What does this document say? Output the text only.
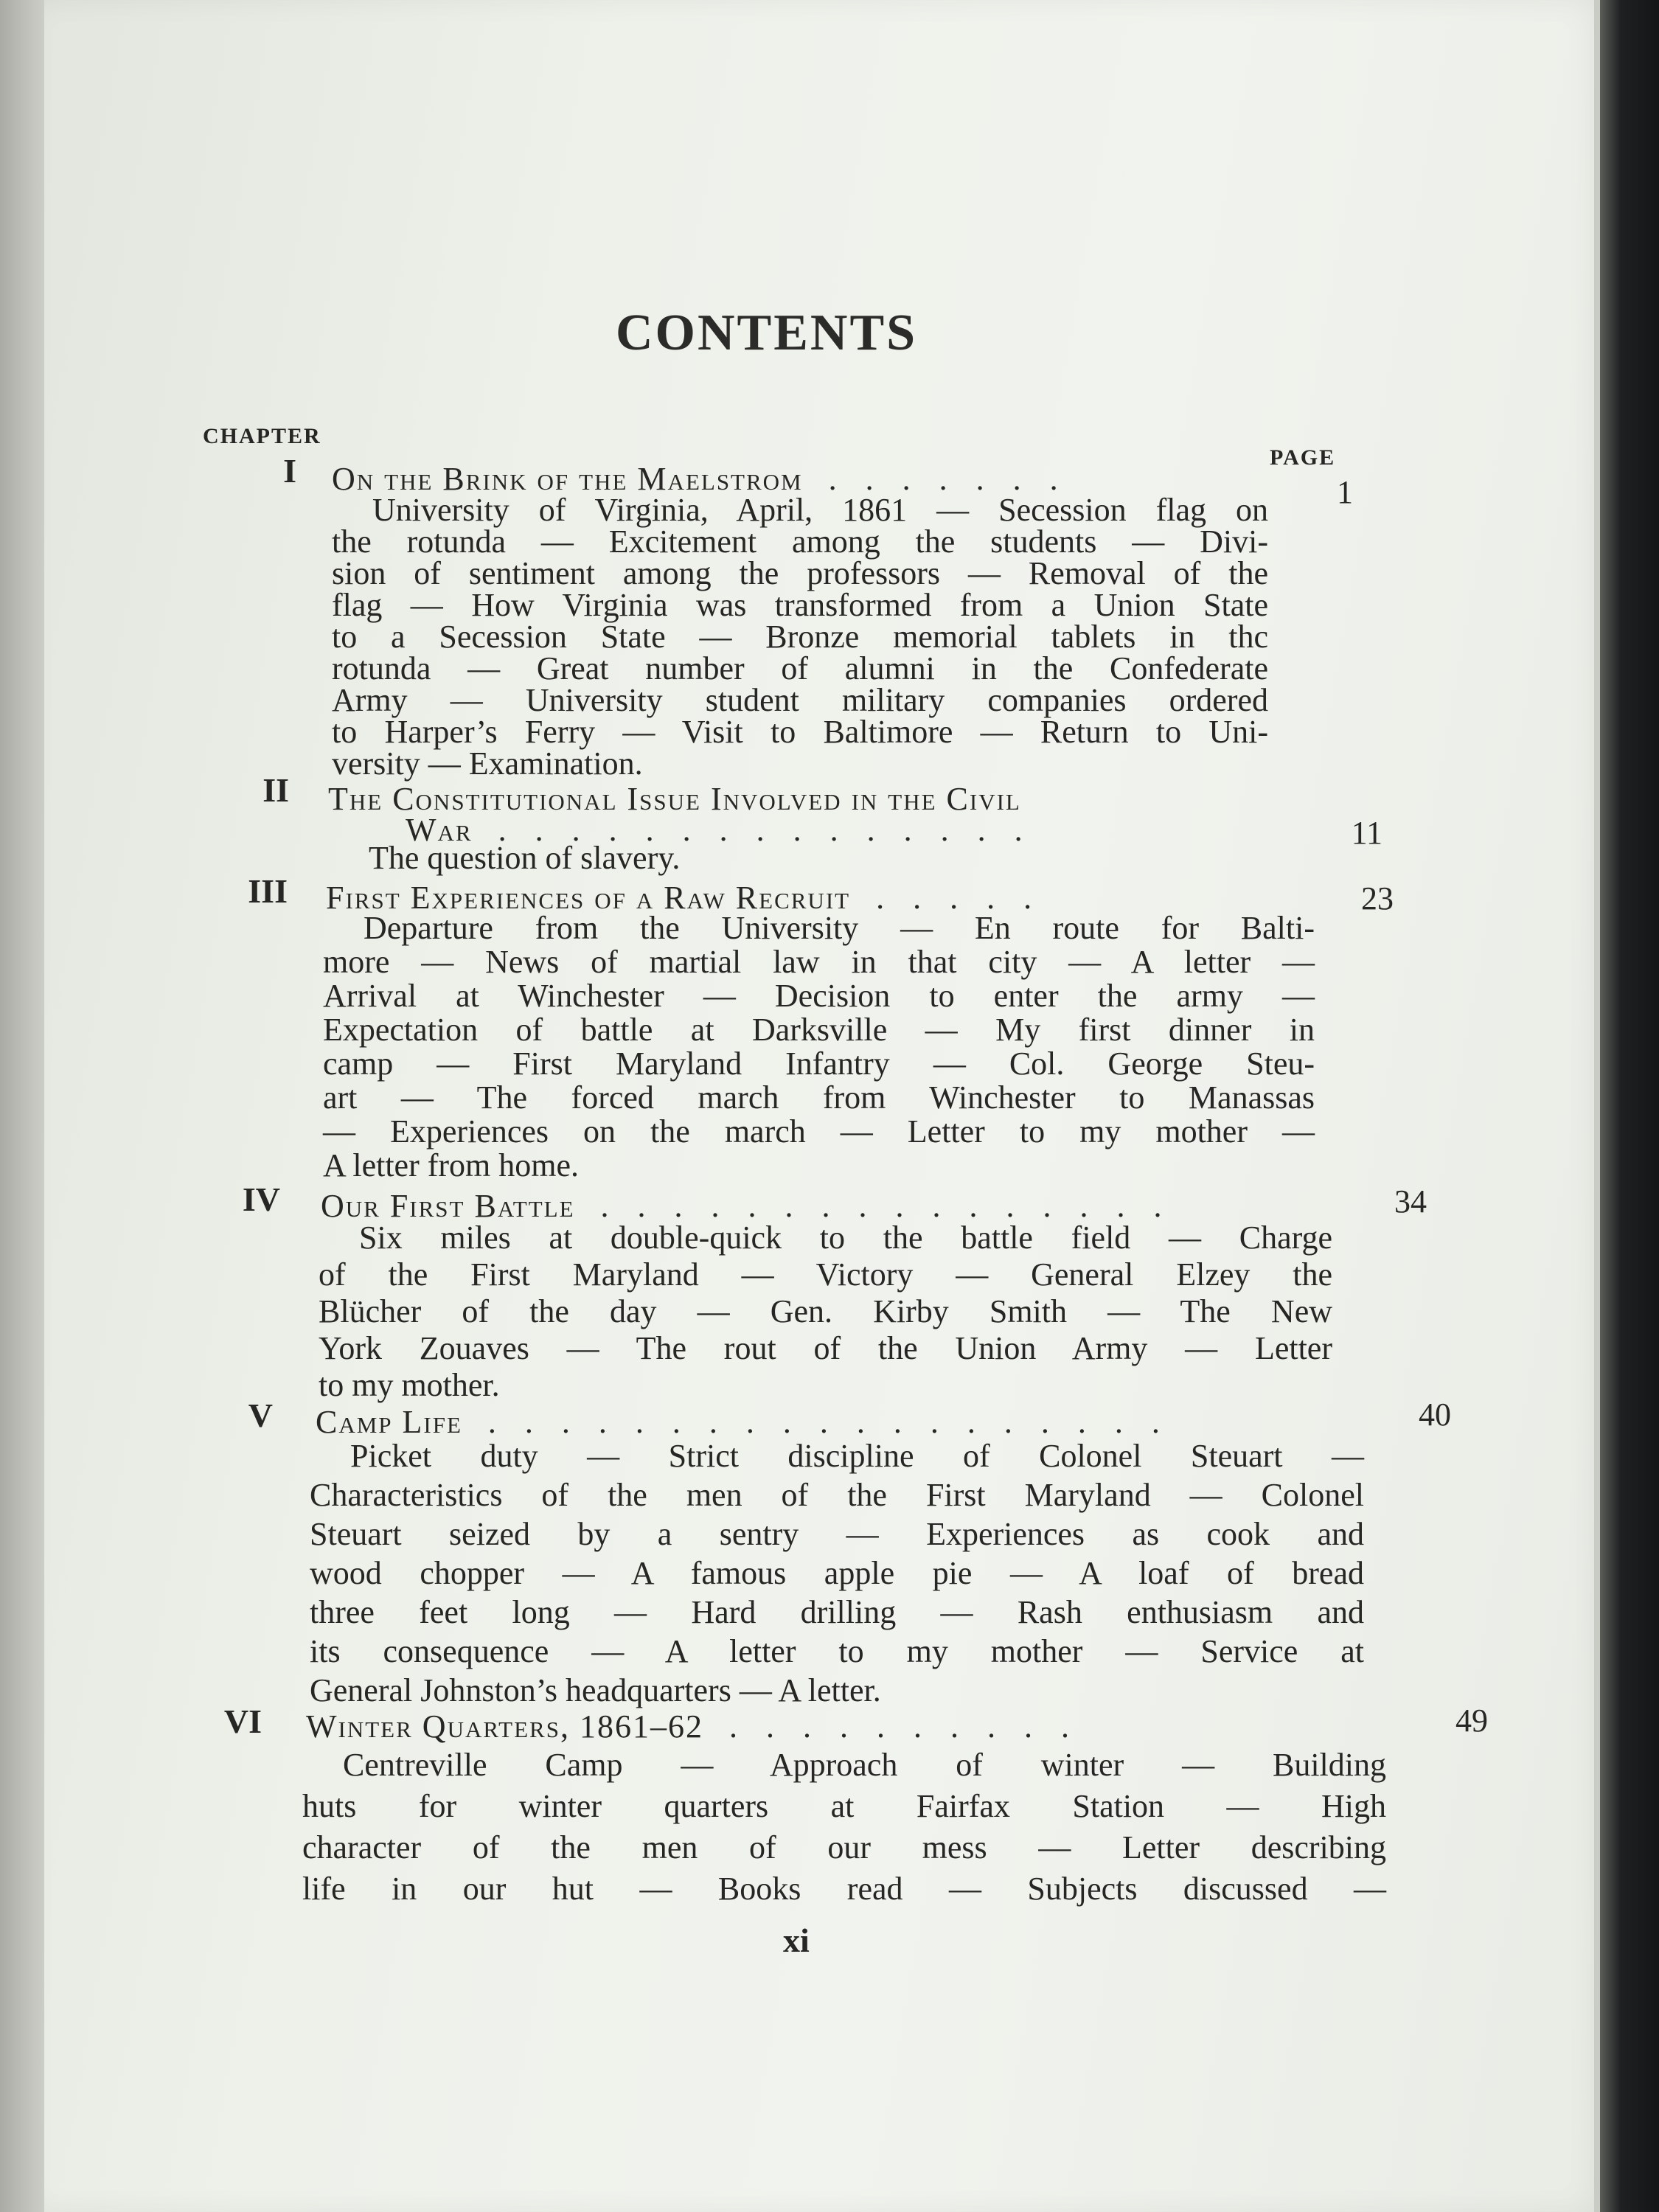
CONTENTS
CHAPTER
PAGE
I On the Brink of the Maelstrom . . . . . . .	1
University of Virginia, April, 1861 — Secession flag on
the rotunda — Excitement among the students — Divi-
sion of sentiment among the professors — Removal of the
flag — How Virginia was transformed from a Union State
to a Secession State — Bronze memorial tablets in thc
rotunda — Great number of alumni in the Confederate
Army — University student military companies ordered
to Harper’s Ferry — Visit to Baltimore — Return to Uni-
versity — Examination.
II The Constitutional Issue Involved in the Civil
War . . . . . . . . . . . . . . .	11
The question of slavery.
III First Experiences of a Raw Recruit . . . . .	23
Departure from the University — En route for Balti-
more — News of martial law in that city — A letter —
Arrival at Winchester — Decision to enter the army —
Expectation of battle at Darksville — My first dinner in
camp — First Maryland Infantry — Col. George Steu-
art — The forced march from Winchester to Manassas
— Experiences on the march — Letter to my mother —
A letter from home.
IV Our First Battle . . . . . . . . . . . . . . . .	34
Six miles at double-quick to the battle field — Charge
of the First Maryland — Victory — General Elzey the
Blücher of the day — Gen. Kirby Smith — The New
York Zouaves — The rout of the Union Army — Letter
to my mother.
V Camp Life . . . . . . . . . . . . . . . . . . .	40
Picket duty — Strict discipline of Colonel Steuart —
Characteristics of the men of the First Maryland — Colonel
Steuart seized by a sentry — Experiences as cook and
wood chopper — A famous apple pie — A loaf of bread
three feet long — Hard drilling — Rash enthusiasm and
its consequence — A letter to my mother — Service at
General Johnston’s headquarters — A letter.
VI Winter Quarters, 1861–62 . . . . . . . . . .	49
Centreville Camp — Approach of winter — Building
huts for winter quarters at Fairfax Station — High
character of the men of our mess — Letter describing
life in our hut — Books read — Subjects discussed —
xi
